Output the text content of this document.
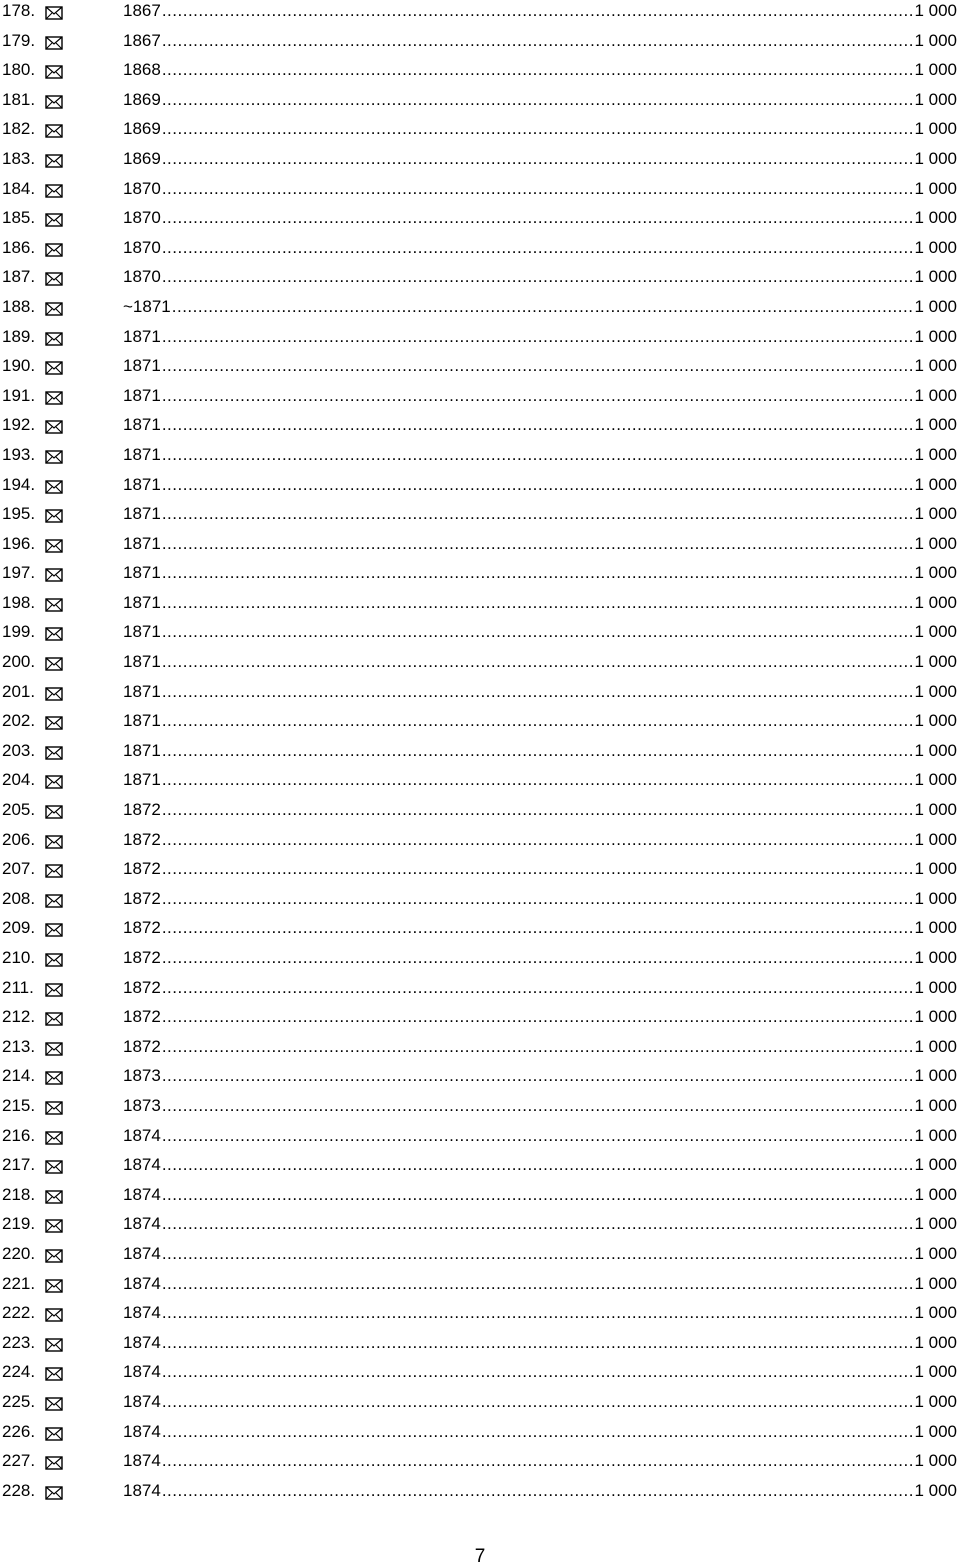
178.	1867 .....	1 000
179.	1867 .....	1 000
180.	1868 .....	1 000
181.	1869 .....	1 000
182.	1869 .....	1 000
183.	1869 .....	1 000
184.	1870 .....	1 000
185.	1870 .....	1 000
186.	1870 .....	1 000
187.	1870 .....	1 000
188.	~1871 .....	1 000
189.	1871 .....	1 000
190.	1871 .....	1 000
191.	1871 .....	1 000
192.	1871 .....	1 000
193.	1871 .....	1 000
194.	1871 .....	1 000
195.	1871 .....	1 000
196.	1871 .....	1 000
197.	1871 .....	1 000
198.	1871 .....	1 000
199.	1871 .....	1 000
200.	1871 .....	1 000
201.	1871 .....	1 000
202.	1871 .....	1 000
203.	1871 .....	1 000
204.	1871 .....	1 000
205.	1872 .....	1 000
206.	1872 .....	1 000
207.	1872 .....	1 000
208.	1872 .....	1 000
209.	1872 .....	1 000
210.	1872 .....	1 000
211.	1872 .....	1 000
212.	1872 .....	1 000
213.	1872 .....	1 000
214.	1873 .....	1 000
215.	1873 .....	1 000
216.	1874 .....	1 000
217.	1874 .....	1 000
218.	1874 .....	1 000
219.	1874 .....	1 000
220.	1874 .....	1 000
221.	1874 .....	1 000
222.	1874 .....	1 000
223.	1874 .....	1 000
224.	1874 .....	1 000
225.	1874 .....	1 000
226.	1874 .....	1 000
227.	1874 .....	1 000
228.	1874 .....	1 000
7
